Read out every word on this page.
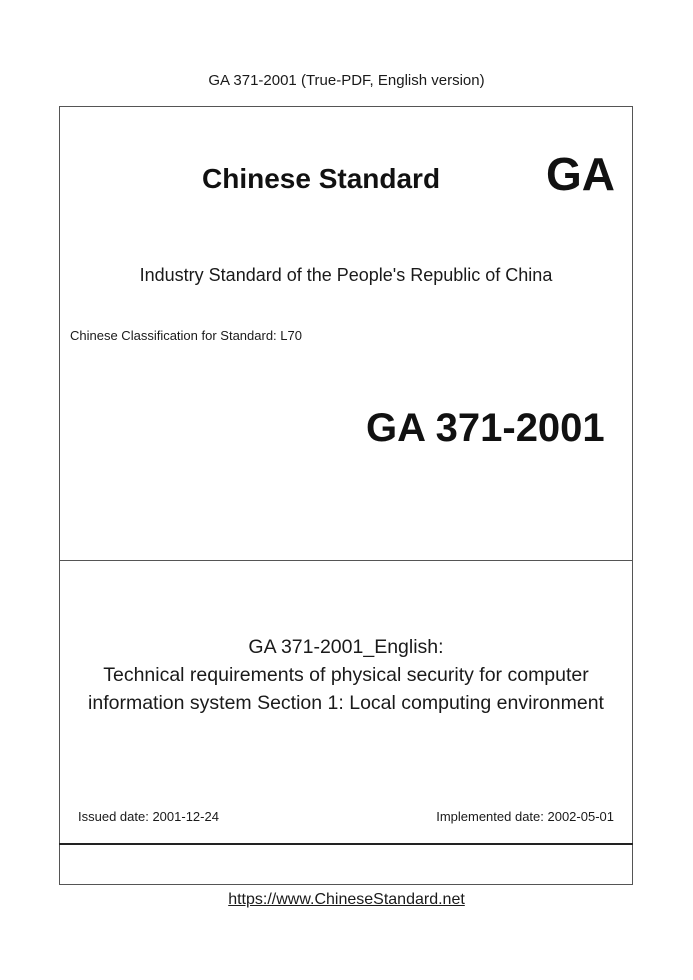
GA 371-2001 (True-PDF, English version)
Chinese Standard GA
Industry Standard of the People's Republic of China
Chinese Classification for Standard: L70
GA 371-2001
GA 371-2001_English:
Technical requirements of physical security for computer
information system Section 1: Local computing environment
Issued date: 2001-12-24	Implemented date: 2002-05-01
https://www.ChineseStandard.net
